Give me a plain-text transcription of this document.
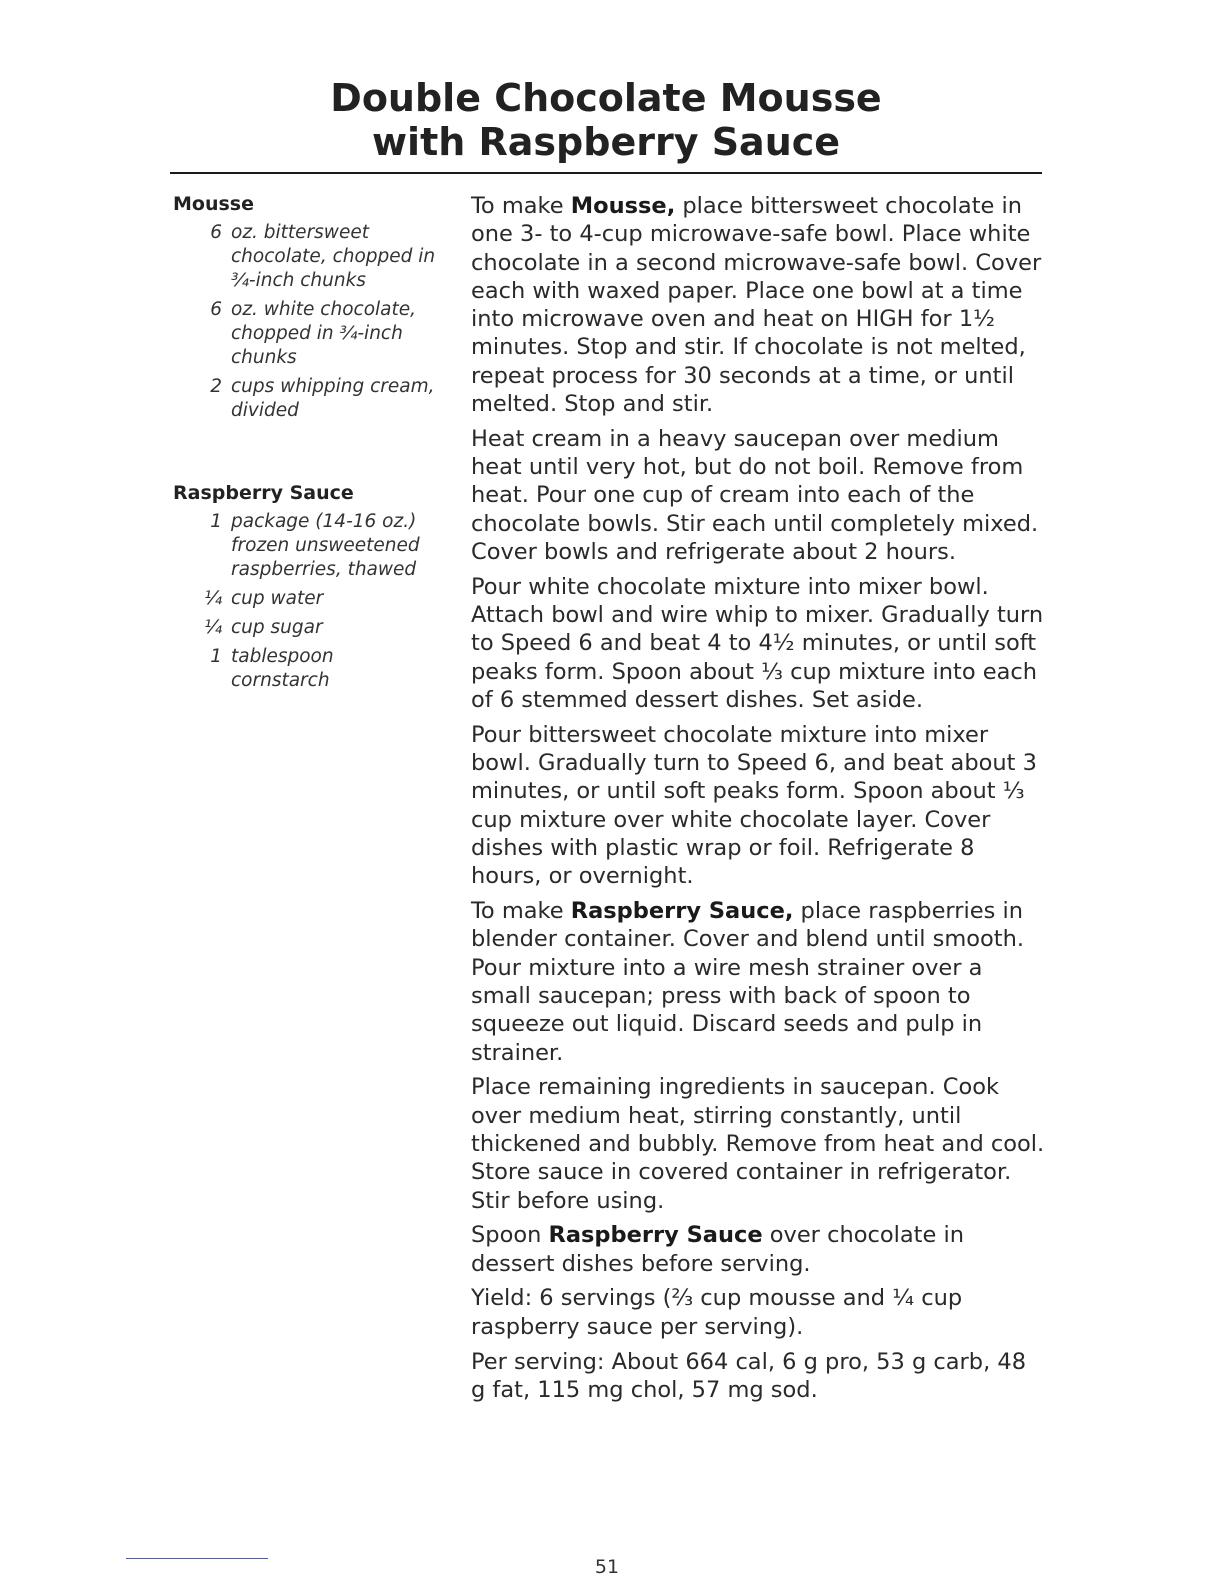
Double Chocolate Mousse
with Raspberry Sauce
Mousse
6 oz. bittersweet chocolate, chopped in ¾-inch chunks
6 oz. white chocolate, chopped in ¾-inch chunks
2 cups whipping cream, divided
Raspberry Sauce
1 package (14-16 oz.) frozen unsweetened raspberries, thawed
¼ cup water
¼ cup sugar
1 tablespoon cornstarch

To make Mousse, place bittersweet chocolate in one 3- to 4-cup microwave-safe bowl. Place white chocolate in a second microwave-safe bowl. Cover each with waxed paper. Place one bowl at a time into microwave oven and heat on HIGH for 1½ minutes. Stop and stir. If chocolate is not melted, repeat process for 30 seconds at a time, or until melted. Stop and stir.

Heat cream in a heavy saucepan over medium heat until very hot, but do not boil. Remove from heat. Pour one cup of cream into each of the chocolate bowls. Stir each until completely mixed. Cover bowls and refrigerate about 2 hours.

Pour white chocolate mixture into mixer bowl. Attach bowl and wire whip to mixer. Gradually turn to Speed 6 and beat 4 to 4½ minutes, or until soft peaks form. Spoon about ⅓ cup mixture into each of 6 stemmed dessert dishes. Set aside.

Pour bittersweet chocolate mixture into mixer bowl. Gradually turn to Speed 6, and beat about 3 minutes, or until soft peaks form. Spoon about ⅓ cup mixture over white chocolate layer. Cover dishes with plastic wrap or foil. Refrigerate 8 hours, or overnight.

To make Raspberry Sauce, place raspberries in blender container. Cover and blend until smooth. Pour mixture into a wire mesh strainer over a small saucepan; press with back of spoon to squeeze out liquid. Discard seeds and pulp in strainer.

Place remaining ingredients in saucepan. Cook over medium heat, stirring constantly, until thickened and bubbly. Remove from heat and cool. Store sauce in covered container in refrigerator. Stir before using.

Spoon Raspberry Sauce over chocolate in dessert dishes before serving.

Yield: 6 servings (⅔ cup mousse and ¼ cup raspberry sauce per serving).

Per serving: About 664 cal, 6 g pro, 53 g carb, 48 g fat, 115 mg chol, 57 mg sod.

51
